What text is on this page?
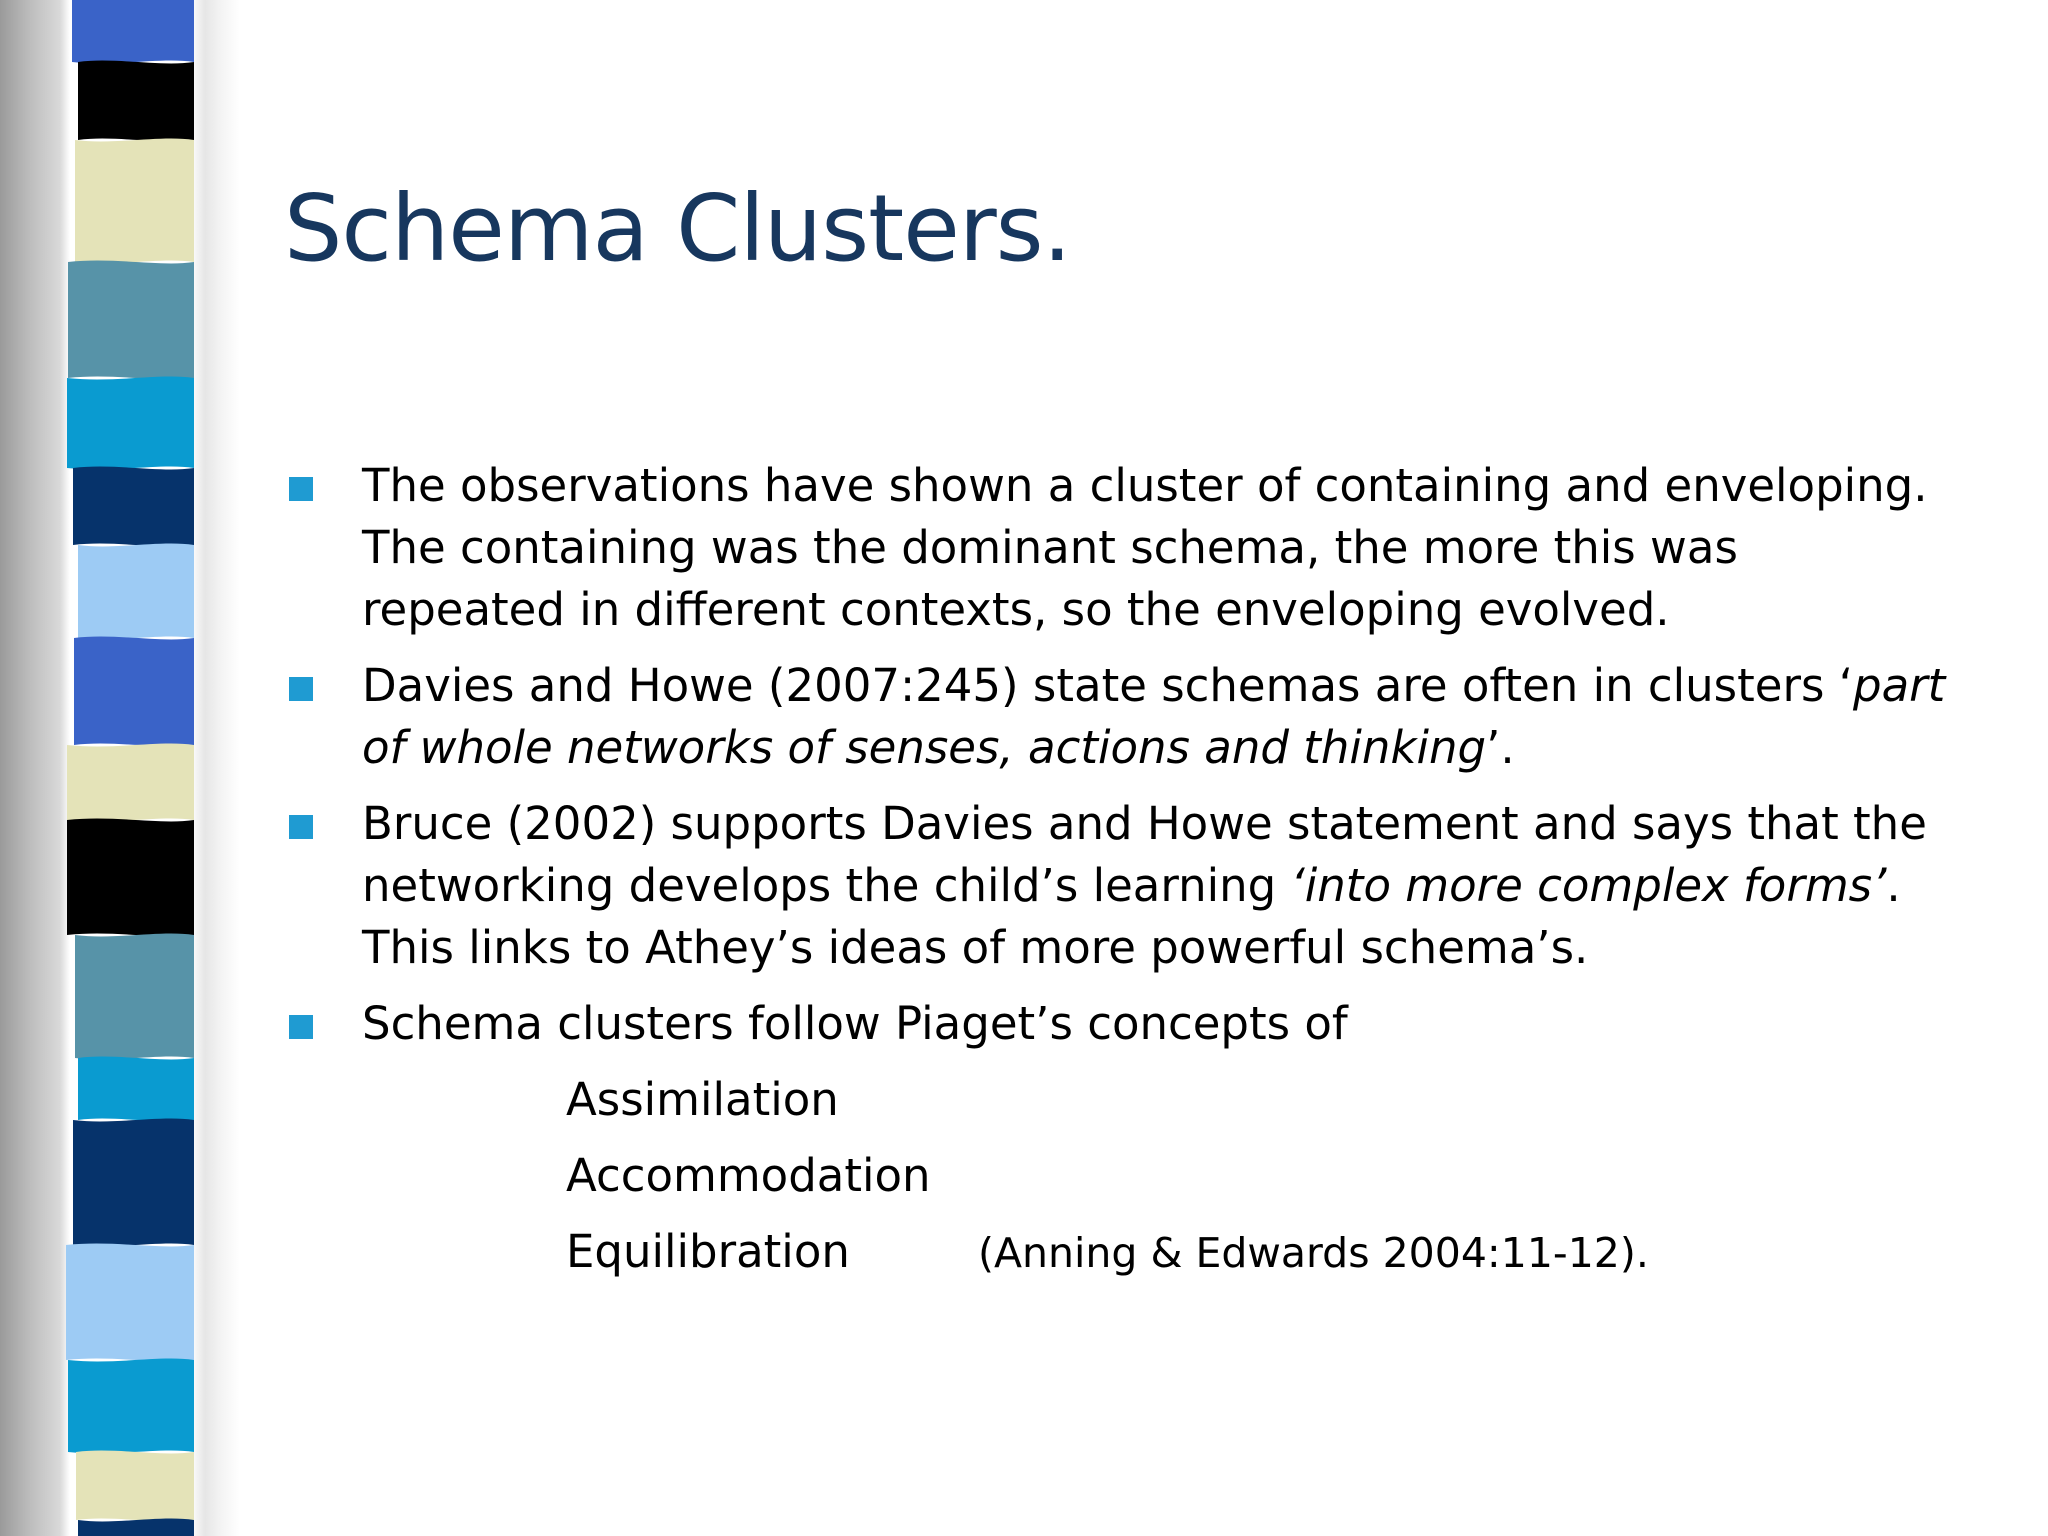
Schema Clusters.
The observations have shown a cluster of containing and enveloping.
The containing was the dominant schema, the more this was
repeated in different contexts, so the enveloping evolved.
Davies and Howe (2007:245) state schemas are often in clusters ‘part
of whole networks of senses, actions and thinking’.
Bruce (2002) supports Davies and Howe statement and says that the
networking develops the child’s learning ‘into more complex forms’.
This links to Athey’s ideas of more powerful schema’s.
Schema clusters follow Piaget’s concepts of
Assimilation
Accommodation
Equilibration	(Anning & Edwards 2004:11-12).
